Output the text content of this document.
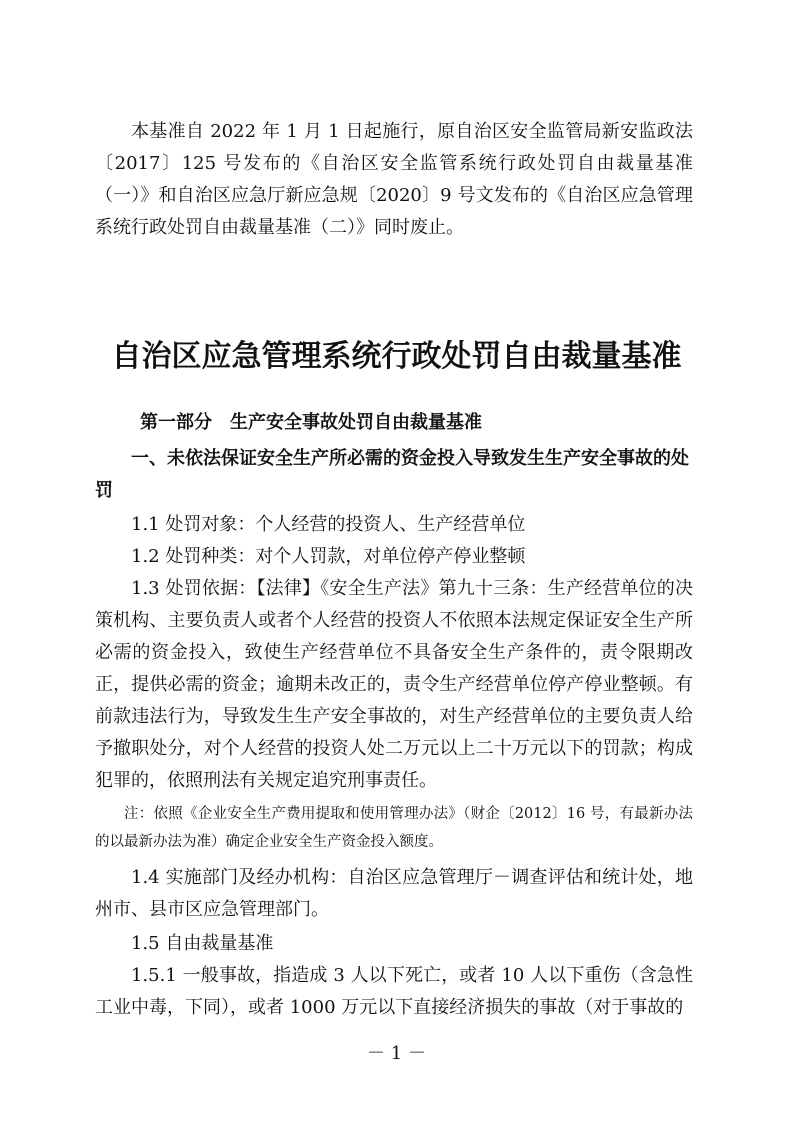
本基准自 2022 年 1 月 1 日起施行，原自治区安全监管局新安监政法〔2017〕125 号发布的《自治区安全监管系统行政处罚自由裁量基准（一）》和自治区应急厅新应急规〔2020〕9 号文发布的《自治区应急管理系统行政处罚自由裁量基准（二）》同时废止。

自治区应急管理系统行政处罚自由裁量基准
第一部分　生产安全事故处罚自由裁量基准
一、未依法保证安全生产所必需的资金投入导致发生生产安全事故的处罚

1.1 处罚对象：个人经营的投资人、生产经营单位

1.2 处罚种类：对个人罚款，对单位停产停业整顿

1.3 处罚依据：【法律】《安全生产法》第九十三条：生产经营单位的决策机构、主要负责人或者个人经营的投资人不依照本法规定保证安全生产所必需的资金投入，致使生产经营单位不具备安全生产条件的，责令限期改正，提供必需的资金；逾期未改正的，责令生产经营单位停产停业整顿。有前款违法行为，导致发生生产安全事故的，对生产经营单位的主要负责人给予撤职处分，对个人经营的投资人处二万元以上二十万元以下的罚款；构成犯罪的，依照刑法有关规定追究刑事责任。

注：依照《企业安全生产费用提取和使用管理办法》（财企〔2012〕16 号，有最新办法的以最新办法为准）确定企业安全生产资金投入额度。

1.4 实施部门及经办机构：自治区应急管理厅－调查评估和统计处，地州市、县市区应急管理部门。

1.5 自由裁量基准

1.5.1 一般事故，指造成 3 人以下死亡，或者 10 人以下重伤（含急性工业中毒，下同），或者 1000 万元以下直接经济损失的事故（对于事故的

－ 1 －
